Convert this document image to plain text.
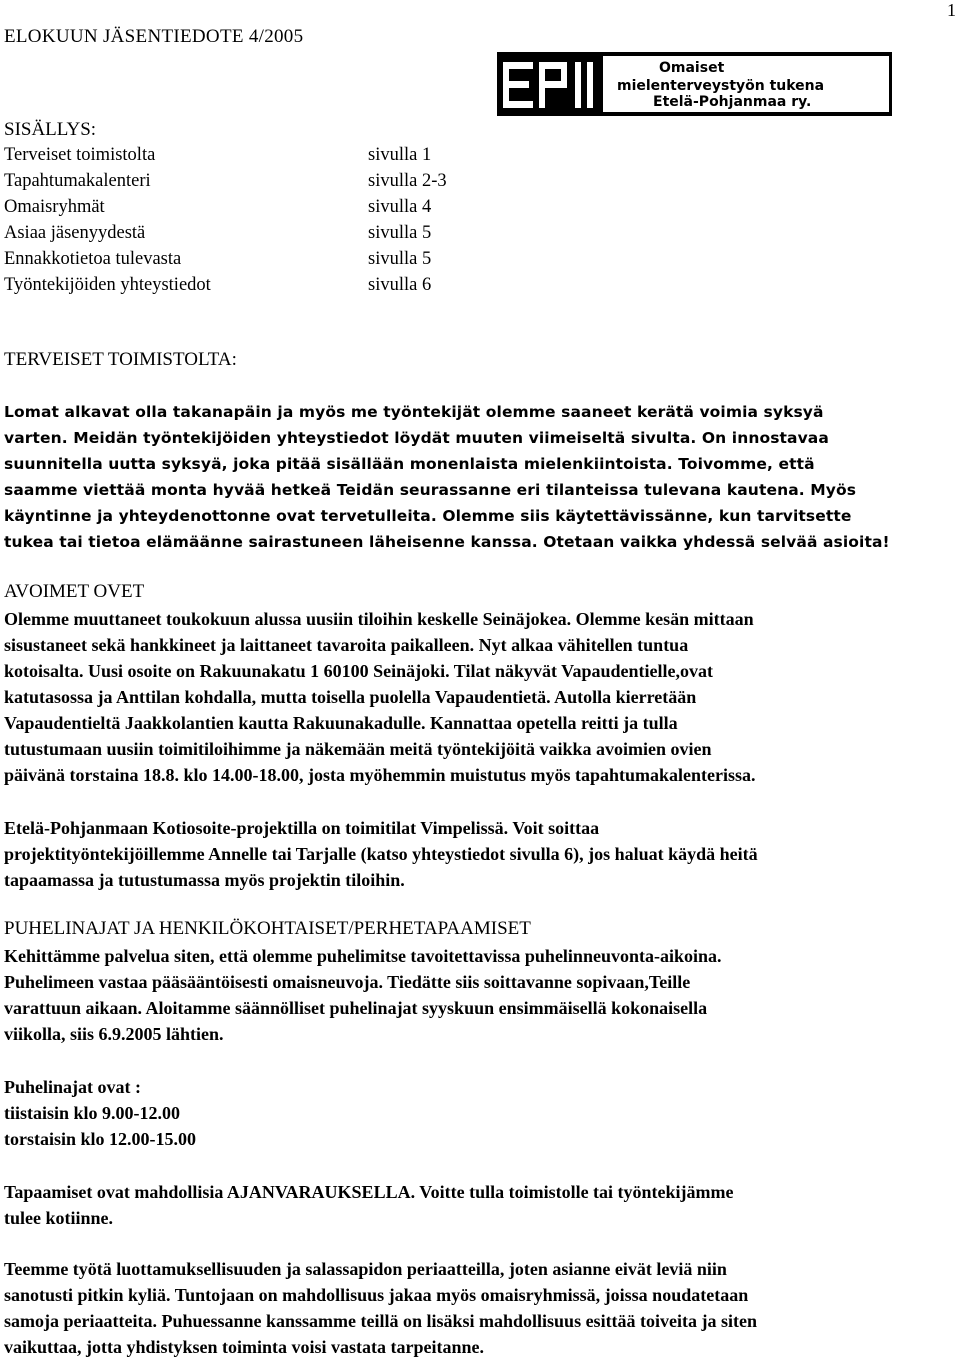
1
ELOKUUN JÄSENTIEDOTE 4/2005
Omaiset
mielenterveystyön tukena
Etelä-Pohjanmaa ry.
SISÄLLYS:
Terveiset toimistolta	sivulla 1
Tapahtumakalenteri	sivulla 2-3
Omaisryhmät	sivulla 4
Asiaa jäsenyydestä	sivulla 5
Ennakkotietoa tulevasta	sivulla 5
Työntekijöiden yhteystiedot	sivulla 6
TERVEISET TOIMISTOLTA:
Lomat alkavat olla takanapäin ja myös me työntekijät olemme saaneet kerätä voimia syksyä
varten. Meidän työntekijöiden yhteystiedot löydät muuten viimeiseltä sivulta. On innostavaa
suunnitella uutta syksyä, joka pitää sisällään monenlaista mielenkiintoista. Toivomme, että
saamme viettää monta hyvää hetkeä Teidän seurassanne eri tilanteissa tulevana kautena. Myös
käyntinne ja yhteydenottonne ovat tervetulleita. Olemme siis käytettävissänne, kun tarvitsette
tukea tai tietoa elämäänne sairastuneen läheisenne kanssa. Otetaan vaikka yhdessä selvää asioita!
AVOIMET OVET
Olemme muuttaneet toukokuun alussa uusiin tiloihin keskelle Seinäjokea. Olemme kesän mittaan
sisustaneet sekä hankkineet ja laittaneet tavaroita paikalleen. Nyt alkaa vähitellen tuntua
kotoisalta. Uusi osoite on Rakuunakatu 1 60100 Seinäjoki. Tilat näkyvät Vapaudentielle,ovat
katutasossa ja Anttilan kohdalla, mutta toisella puolella Vapaudentietä. Autolla kierretään
Vapaudentieltä Jaakkolantien kautta Rakuunakadulle. Kannattaa opetella reitti ja tulla
tutustumaan uusiin toimitiloihimme ja näkemään meitä työntekijöitä vaikka avoimien ovien
päivänä torstaina 18.8. klo 14.00-18.00, josta myöhemmin muistutus myös tapahtumakalenterissa.
Etelä-Pohjanmaan Kotiosoite-projektilla on toimitilat Vimpelissä. Voit soittaa
projektityöntekijöillemme Annelle tai Tarjalle (katso yhteystiedot sivulla 6), jos haluat käydä heitä
tapaamassa ja tutustumassa myös projektin tiloihin.
PUHELINAJAT JA HENKILÖKOHTAISET/PERHETAPAAMISET
Kehittämme palvelua siten, että olemme puhelimitse tavoitettavissa puhelinneuvonta-aikoina.
Puhelimeen vastaa pääsääntöisesti omaisneuvoja. Tiedätte siis soittavanne sopivaan,Teille
varattuun aikaan. Aloitamme säännölliset puhelinajat syyskuun ensimmäisellä kokonaisella
viikolla, siis 6.9.2005 lähtien.
Puhelinajat ovat :
tiistaisin klo 9.00-12.00
torstaisin klo 12.00-15.00
Tapaamiset ovat mahdollisia AJANVARAUKSELLA. Voitte tulla toimistolle tai työntekijämme
tulee kotiinne.
Teemme työtä luottamuksellisuuden ja salassapidon periaatteilla, joten asianne eivät leviä niin
sanotusti pitkin kyliä. Tuntojaan on mahdollisuus jakaa myös omaisryhmissä, joissa noudatetaan
samoja periaatteita. Puhuessanne kanssamme teillä on lisäksi mahdollisuus esittää toiveita ja siten
vaikuttaa, jotta yhdistyksen toiminta voisi vastata tarpeitanne.
